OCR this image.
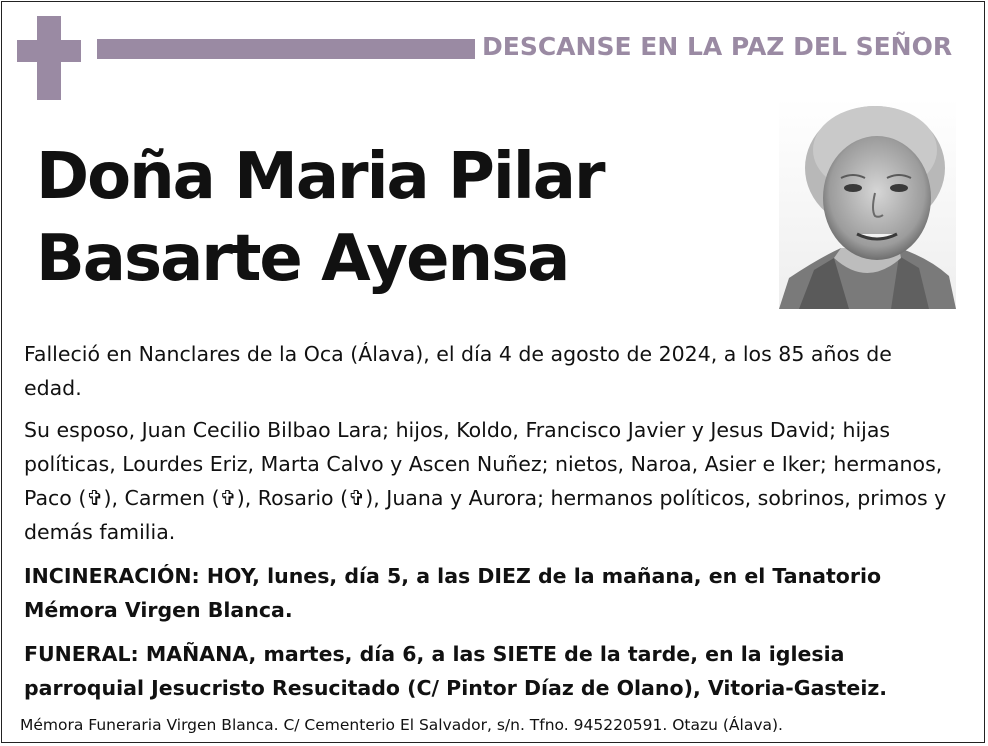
DESCANSE EN LA PAZ DEL SEÑOR
Doña Maria Pilar
Basarte Ayensa
Falleció en Nanclares de la Oca (Álava), el día 4 de agosto de 2024, a los 85 años de edad.
Su esposo, Juan Cecilio Bilbao Lara; hijos, Koldo, Francisco Javier y Jesus David; hijas políticas, Lourdes Eriz, Marta Calvo y Ascen Nuñez; nietos, Naroa, Asier e Iker; hermanos, Paco (✞), Carmen (✞), Rosario (✞), Juana y Aurora; hermanos políticos, sobrinos, primos y demás familia.
INCINERACIÓN: HOY, lunes, día 5, a las DIEZ de la mañana, en el Tanatorio Mémora Virgen Blanca.
FUNERAL: MAÑANA, martes, día 6, a las SIETE de la tarde, en la iglesia parroquial Jesucristo Resucitado (C/ Pintor Díaz de Olano), Vitoria-Gasteiz.
Mémora Funeraria Virgen Blanca. C/ Cementerio El Salvador, s/n. Tfno. 945220591. Otazu (Álava).
